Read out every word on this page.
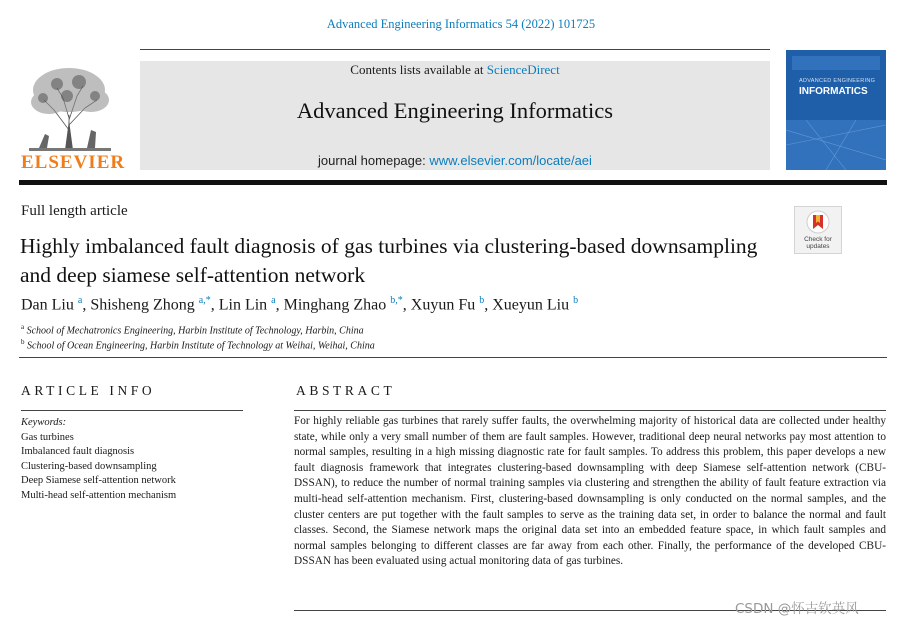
Advanced Engineering Informatics 54 (2022) 101725
ELSEVIER
Contents lists available at ScienceDirect
Advanced Engineering Informatics
journal homepage: www.elsevier.com/locate/aei
ADVANCED ENGINEERING
INFORMATICS
Full length article
Check for updates
Highly imbalanced fault diagnosis of gas turbines via clustering-based downsampling and deep siamese self-attention network
Dan Liu $^a$, Shisheng Zhong $^{a,*}$, Lin Lin $^a$, Minghang Zhao $^{b,*}$, Xuyun Fu $^b$, Xueyun Liu $^b$
$^a$ School of Mechatronics Engineering, Harbin Institute of Technology, Harbin, China
$^b$ School of Ocean Engineering, Harbin Institute of Technology at Weihai, Weihai, China
ARTICLE INFO	ABSTRACT
Keywords:
Gas turbines
Imbalanced fault diagnosis
Clustering-based downsampling
Deep Siamese self-attention network
Multi-head self-attention mechanism

For highly reliable gas turbines that rarely suffer faults, the overwhelming majority of historical data are collected under healthy state, while only a very small number of them are fault samples. However, traditional deep neural networks pay most attention to normal samples, resulting in a high missing diagnostic rate for fault samples. To address this problem, this paper develops a new fault diagnosis framework that integrates clustering-based downsampling with deep Siamese self-attention network (CBU-DSSAN), to reduce the number of normal training samples via clustering and strengthen the ability of fault feature extraction via multi-head self-attention mechanism. First, clustering-based downsampling is only conducted on the normal samples, and the cluster centers are put together with the fault samples to serve as the training data set, in order to balance the normal and fault classes. Second, the Siamese network maps the original data set into an embedded feature space, in which fault samples and normal samples belonging to different classes are far away from each other. Finally, the performance of the developed CBU-DSSAN has been evaluated using actual monitoring data of gas turbines.

CSDN @怀古钦英风
